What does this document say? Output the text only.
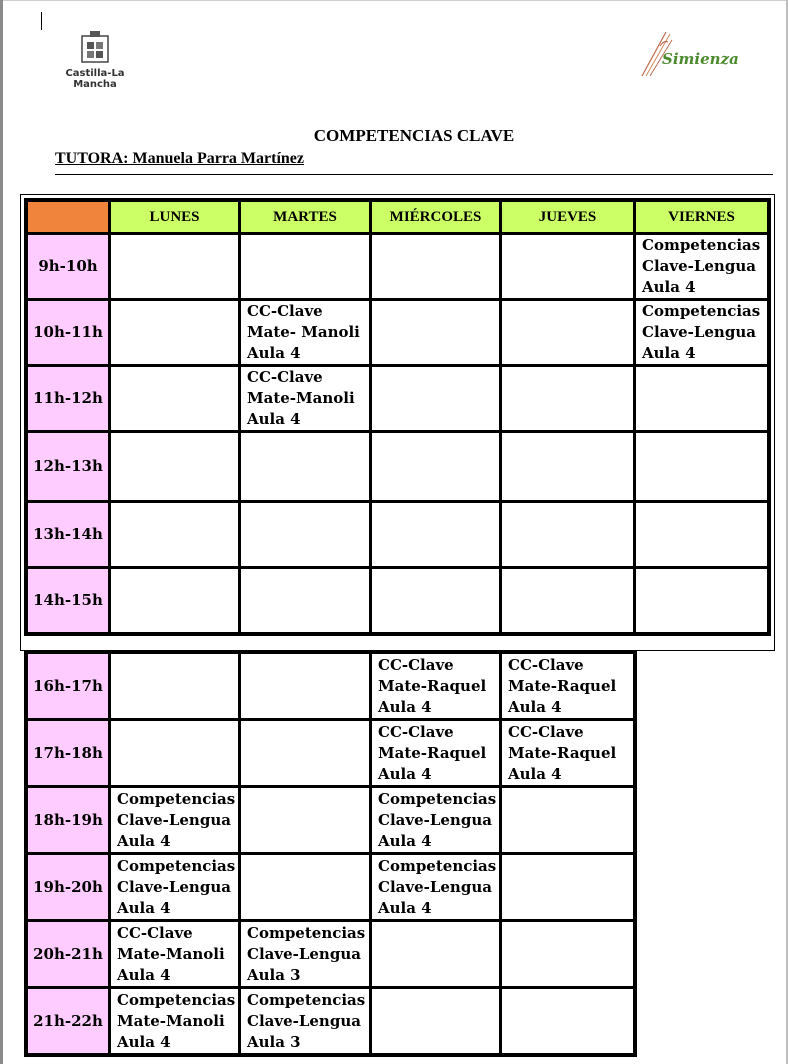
Castilla-La Mancha
Simienza
COMPETENCIAS CLAVE
TUTORA: Manuela Parra Martínez
	LUNES	MARTES	MIÉRCOLES	JUEVES	VIERNES
9h-10h					Competencias Clave-Lengua Aula 4
10h-11h		CC-Clave Mate- Manoli Aula 4			Competencias Clave-Lengua Aula 4
11h-12h		CC-Clave Mate-Manoli Aula 4			
12h-13h					
13h-14h					
14h-15h					
16h-17h			CC-Clave Mate-Raquel Aula 4	CC-Clave Mate-Raquel Aula 4
17h-18h			CC-Clave Mate-Raquel Aula 4	CC-Clave Mate-Raquel Aula 4
18h-19h	Competencias Clave-Lengua Aula 4		Competencias Clave-Lengua Aula 4	
19h-20h	Competencias Clave-Lengua Aula 4		Competencias Clave-Lengua Aula 4	
20h-21h	CC-Clave Mate-Manoli Aula 4	Competencias Clave-Lengua Aula 3		
21h-22h	Competencias Mate-Manoli Aula 4	Competencias Clave-Lengua Aula 3		
